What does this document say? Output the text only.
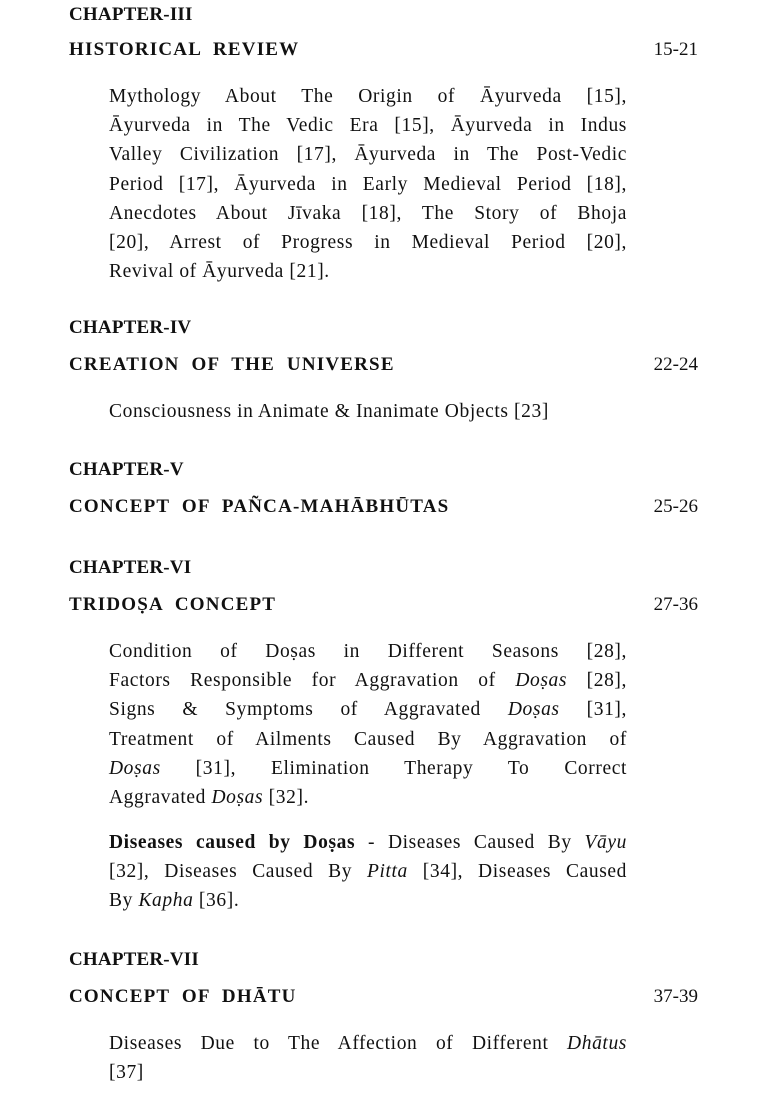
CHAPTER-III
HISTORICAL REVIEW	15-21
Mythology About The Origin of Āyurveda [15],
Āyurveda in The Vedic Era [15], Āyurveda in Indus
Valley Civilization [17], Āyurveda in The Post-Vedic
Period [17], Āyurveda in Early Medieval Period [18],
Anecdotes About Jīvaka [18], The Story of Bhoja
[20], Arrest of Progress in Medieval Period [20],
Revival of Āyurveda [21].
CHAPTER-IV
CREATION OF THE UNIVERSE	22-24
Consciousness in Animate & Inanimate Objects [23]
CHAPTER-V
CONCEPT OF PAÑCA-MAHĀBHŪTAS	25-26
CHAPTER-VI
TRIDOṢA CONCEPT	27-36
Condition of Doṣas in Different Seasons [28],
Factors Responsible for Aggravation of Doṣas [28],
Signs & Symptoms of Aggravated Doṣas [31],
Treatment of Ailments Caused By Aggravation of
Doṣas [31], Elimination Therapy To Correct
Aggravated Doṣas [32].
Diseases caused by Doṣas - Diseases Caused By Vāyu
[32], Diseases Caused By Pitta [34], Diseases Caused
By Kapha [36].
CHAPTER-VII
CONCEPT OF DHĀTU	37-39
Diseases Due to The Affection of Different Dhātus
[37]
